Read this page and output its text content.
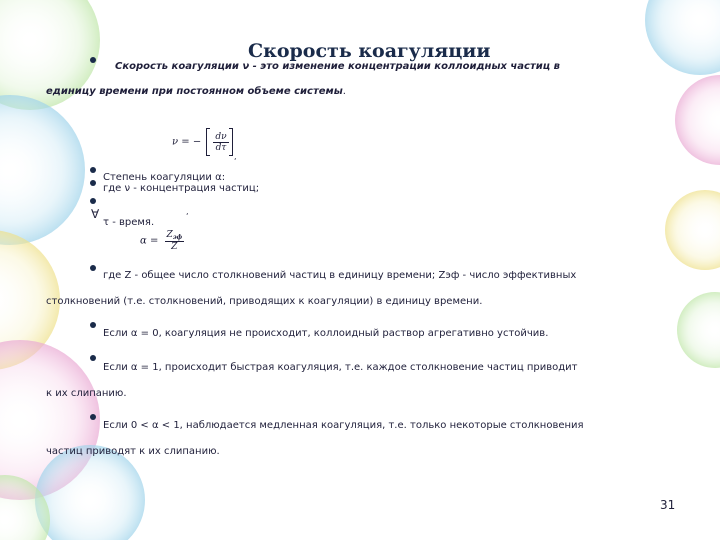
Скорость коагуляции
Скорость коагуляции ν - это изменение концентрации коллоидных частиц в
единицу времени при постоянном объеме системы.
ν = − $\frac{d\nu}{d\tau}$
,
Степень коагуляции α:
где ν - концентрация частиц;
,
∀
τ - время.
$\alpha = \frac{Z_{эф}}{Z}$
где Z - общее число столкновений частиц в единицу времени; Zэф - число эффективных
столкновений (т.е. столкновений, приводящих к коагуляции) в единицу времени.
Если α = 0, коагуляция не происходит, коллоидный раствор агрегативно устойчив.
Если α = 1, происходит быстрая коагуляция, т.е. каждое столкновение частиц приводит
к их слипанию.
Если 0 < α < 1, наблюдается медленная коагуляция, т.е. только некоторые столкновения
частиц приводят к их слипанию.
31
